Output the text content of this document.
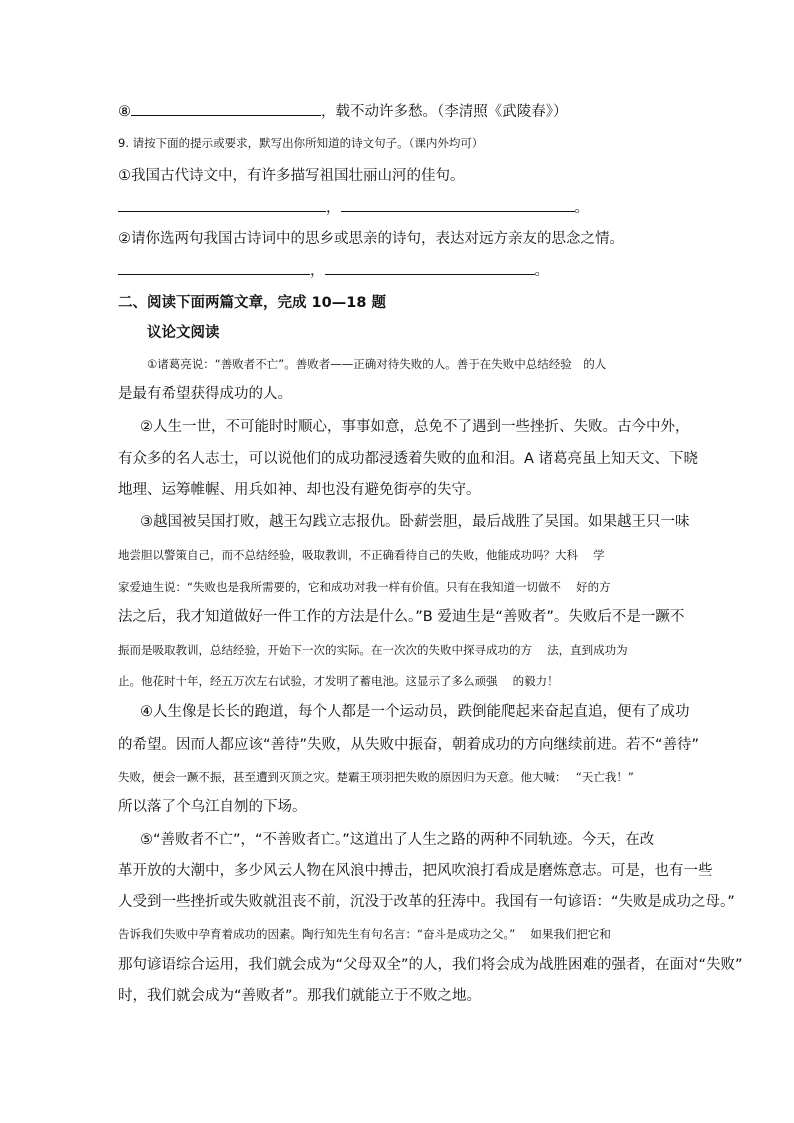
⑧	，载不动许多愁。（李清照《武陵春》）
9. 请按下面的提示或要求，默写出你所知道的诗文句子。（课内外均可）
①我国古代诗文中，有许多描写祖国壮丽山河的佳句。
，	。
②请你选两句我国古诗词中的思乡或思亲的诗句，表达对远方亲友的思念之情。
，	。
二、阅读下面两篇文章，完成 10—18 题
议论文阅读
①诸葛亮说：“善败者不亡”。善败者——正确对待失败的人。善于在失败中总结经验　的人
是最有希望获得成功的人。
②人生一世，不可能时时顺心，事事如意，总免不了遇到一些挫折、失败。古今中外，
有众多的名人志士，可以说他们的成功都浸透着失败的血和泪。A 诸葛亮虽上知天文、下晓
地理、运筹帷幄、用兵如神、却也没有避免街亭的失守。
③越国被吴国打败，越王勾践立志报仇。卧薪尝胆，最后战胜了吴国。如果越王只一味
地尝胆以警策自己，而不总结经验，吸取教训，不正确看待自己的失败，他能成功吗？大科　 学
家爱迪生说：“失败也是我所需要的，它和成功对我一样有价值。只有在我知道一切做不　 好的方
法之后，我才知道做好一件工作的方法是什么。”B 爱迪生是“善败者”。失败后不是一蹶不
振而是吸取教训，总结经验，开始下一次的实际。在一次次的失败中探寻成功的方　 法，直到成功为
止。他花时十年，经五万次左右试验，才发明了蓄电池。这显示了多么顽强　 的毅力！
④人生像是长长的跑道，每个人都是一个运动员，跌倒能爬起来奋起直追，便有了成功
的希望。因而人都应该“善待”失败，从失败中振奋，朝着成功的方向继续前进。若不“善待”
失败，便会一蹶不振，甚至遭到灭顶之灾。楚霸王项羽把失败的原因归为天意。他大喊：　 “天亡我！”
所以落了个乌江自刎的下场。
⑤“善败者不亡”，“不善败者亡。”这道出了人生之路的两种不同轨迹。今天，在改
革开放的大潮中，多少风云人物在风浪中搏击，把风吹浪打看成是磨炼意志。可是，也有一些
人受到一些挫折或失败就沮丧不前，沉没于改革的狂涛中。我国有一句谚语：“失败是成功之母。”
告诉我们失败中孕育着成功的因素。陶行知先生有句名言：“奋斗是成功之父。”　 如果我们把它和
那句谚语综合运用，我们就会成为“父母双全”的人，我们将会成为战胜困难的强者，在面对“失败”
时，我们就会成为“善败者”。那我们就能立于不败之地。
